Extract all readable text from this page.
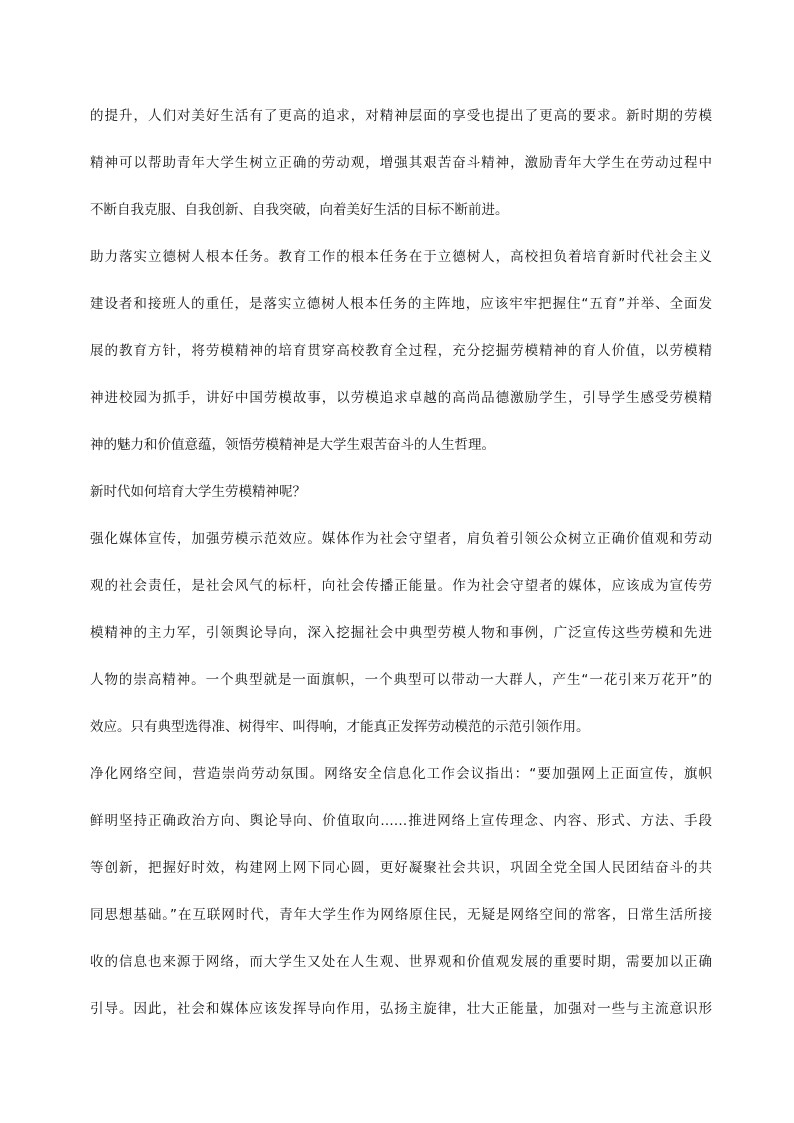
的提升，人们对美好生活有了更高的追求，对精神层面的享受也提出了更高的要求。新时期的劳模
精神可以帮助青年大学生树立正确的劳动观，增强其艰苦奋斗精神，激励青年大学生在劳动过程中
不断自我克服、自我创新、自我突破，向着美好生活的目标不断前进。
助力落实立德树人根本任务。教育工作的根本任务在于立德树人，高校担负着培育新时代社会主义
建设者和接班人的重任，是落实立德树人根本任务的主阵地，应该牢牢把握住“五育”并举、全面发
展的教育方针，将劳模精神的培育贯穿高校教育全过程，充分挖掘劳模精神的育人价值，以劳模精
神进校园为抓手，讲好中国劳模故事，以劳模追求卓越的高尚品德激励学生，引导学生感受劳模精
神的魅力和价值意蕴，领悟劳模精神是大学生艰苦奋斗的人生哲理。
新时代如何培育大学生劳模精神呢？
强化媒体宣传，加强劳模示范效应。媒体作为社会守望者，肩负着引领公众树立正确价值观和劳动
观的社会责任，是社会风气的标杆，向社会传播正能量。作为社会守望者的媒体，应该成为宣传劳
模精神的主力军，引领舆论导向，深入挖掘社会中典型劳模人物和事例，广泛宣传这些劳模和先进
人物的崇高精神。一个典型就是一面旗帜，一个典型可以带动一大群人，产生“一花引来万花开”的
效应。只有典型选得准、树得牢、叫得响，才能真正发挥劳动模范的示范引领作用。
净化网络空间，营造崇尚劳动氛围。网络安全信息化工作会议指出：“要加强网上正面宣传，旗帜
鲜明坚持正确政治方向、舆论导向、价值取向……推进网络上宣传理念、内容、形式、方法、手段
等创新，把握好时效，构建网上网下同心圆，更好凝聚社会共识，巩固全党全国人民团结奋斗的共
同思想基础。”在互联网时代，青年大学生作为网络原住民，无疑是网络空间的常客，日常生活所接
收的信息也来源于网络，而大学生又处在人生观、世界观和价值观发展的重要时期，需要加以正确
引导。因此，社会和媒体应该发挥导向作用，弘扬主旋律，壮大正能量，加强对一些与主流意识形
